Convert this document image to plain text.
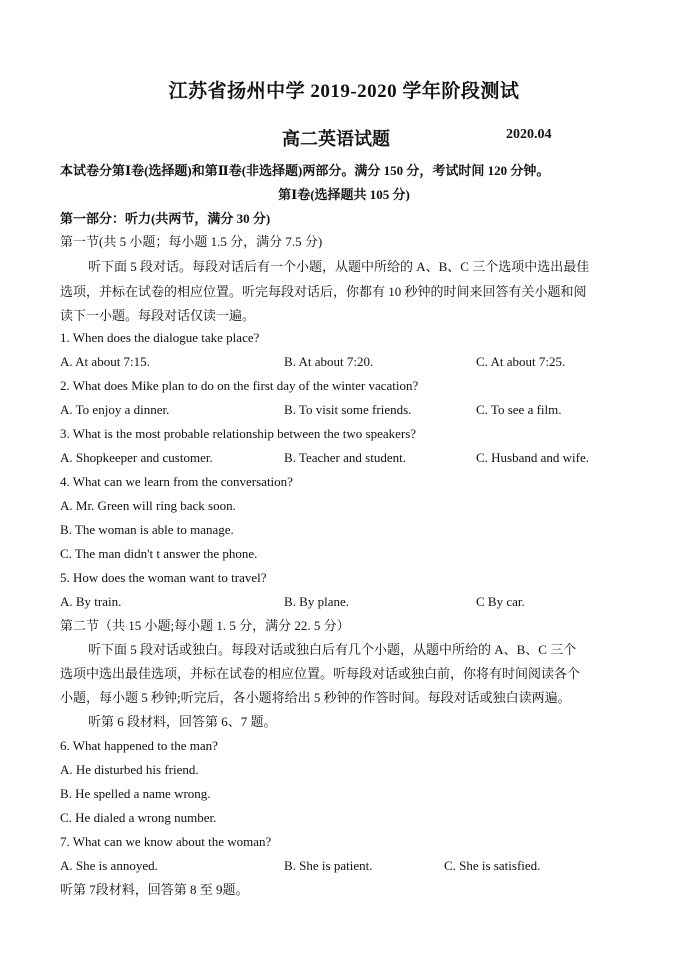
江苏省扬州中学 2019-2020 学年阶段测试
高二英语试题	2020.04
本试卷分第Ⅰ卷(选择题)和第Ⅱ卷(非选择题)两部分。满分 150 分，考试时间 120 分钟。
第Ⅰ卷(选择题共 105 分)
第一部分：听力(共两节，满分 30 分)
第一节(共 5 小题；每小题 1.5 分，满分 7.5 分)
听下面 5 段对话。每段对话后有一个小题，从题中所给的 A、B、C 三个选项中选出最佳
选项，并标在试卷的相应位置。听完每段对话后，你都有 10 秒钟的时间来回答有关小题和阅
读下一小题。每段对话仅读一遍。
1. When does the dialogue take place?
A. At about 7:15.	B. At about 7:20.	C. At about 7:25.
2. What does Mike plan to do on the first day of the winter vacation?
A. To enjoy a dinner.	B. To visit some friends.	C. To see a film.
3. What is the most probable relationship between the two speakers?
A. Shopkeeper and customer.	B. Teacher and student.	C. Husband and wife.
4. What can we learn from the conversation?
A. Mr. Green will ring back soon.
B. The woman is able to manage.
C. The man didn't t answer the phone.
5. How does the woman want to travel?
A. By train.	B. By plane.	C By car.
第二节（共 15 小题;每小题 1. 5 分，满分 22. 5 分）
听下面 5 段对话或独白。每段对话或独白后有几个小题，从题中所给的 A、B、C 三个
选项中选出最佳选项，并标在试卷的相应位置。听每段对话或独白前，你将有时间阅读各个
小题，每小题 5 秒钟;听完后，各小题将给出 5 秒钟的作答时间。每段对话或独白读两遍。
听第 6 段材料，回答第 6、7 题。
6. What happened to the man?
A. He disturbed his friend.
B. He spelled a name wrong.
C. He dialed a wrong number.
7. What can we know about the woman?
A. She is annoyed.	B. She is patient.	C. She is satisfied.
听第 7段材料，回答第 8 至 9题。
